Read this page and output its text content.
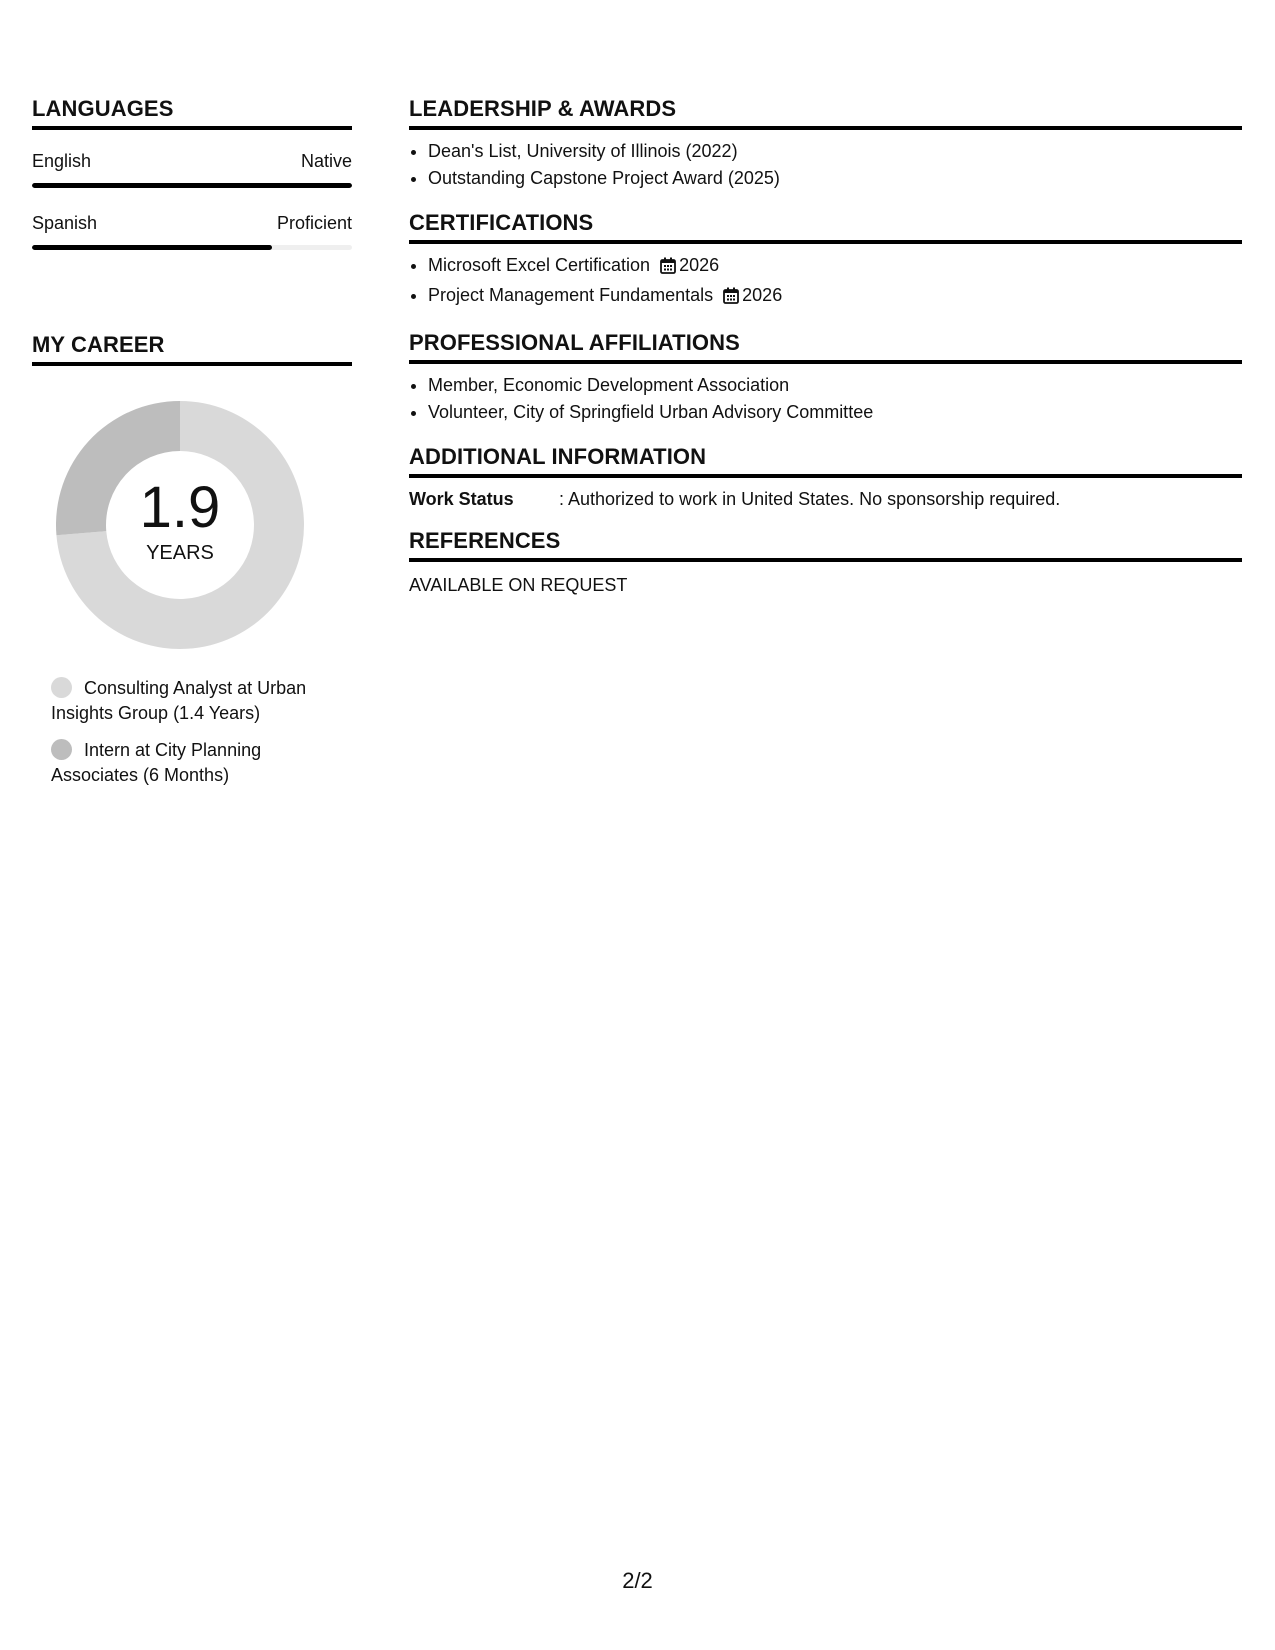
LANGUAGES
English	Native
Spanish	Proficient
MY CAREER
1.9
YEARS
Consulting Analyst at Urban Insights Group (1.4 Years)
Intern at City Planning Associates (6 Months)
LEADERSHIP & AWARDS
• Dean's List, University of Illinois (2022)
• Outstanding Capstone Project Award (2025)
CERTIFICATIONS
• Microsoft Excel Certification 2026
• Project Management Fundamentals 2026
PROFESSIONAL AFFILIATIONS
• Member, Economic Development Association
• Volunteer, City of Springfield Urban Advisory Committee
ADDITIONAL INFORMATION
Work Status	: Authorized to work in United States. No sponsorship required.
REFERENCES
AVAILABLE ON REQUEST
2/2
